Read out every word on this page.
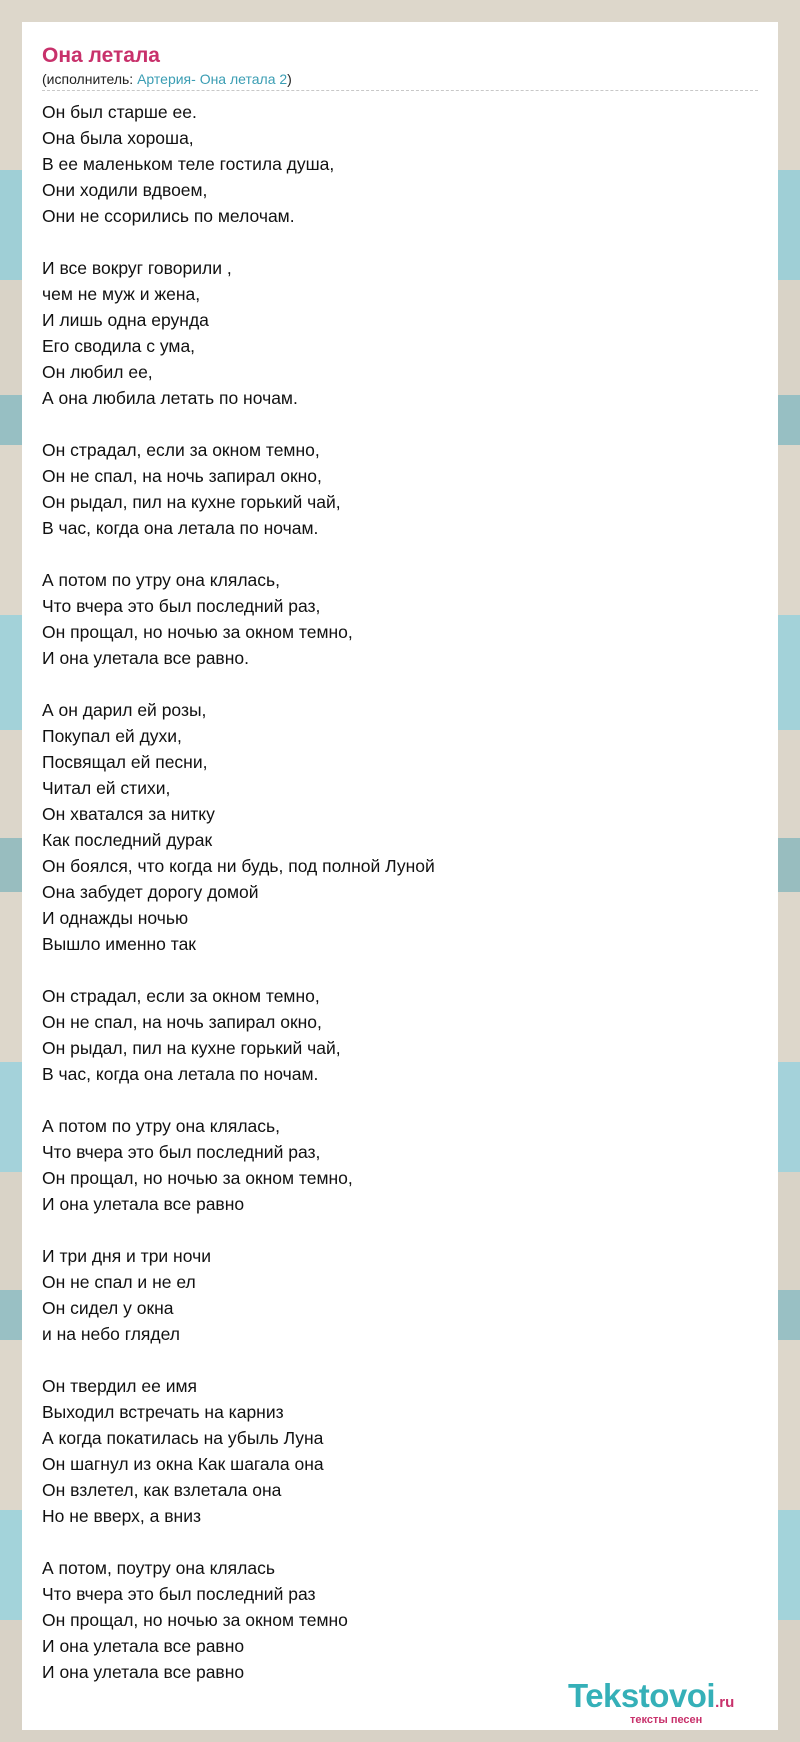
Она летала

(исполнитель: Артерия- Она летала 2)

Он был старше ее.
Она была хороша,
В ее маленьком теле гостила душа,
Они ходили вдвоем,
Они не ссорились по мелочам.
И все вокруг говорили ,
чем не муж и жена,
И лишь одна ерунда
Его сводила с ума,
Он любил ее,
А она любила летать по ночам.
Он страдал, если за окном темно,
Он не спал, на ночь запирал окно,
Он рыдал, пил на кухне горький чай,
В час, когда она летала по ночам.
А потом по утру она клялась,
Что вчера это был последний раз,
Он прощал, но ночью за окном темно,
И она улетала все равно.
А он дарил ей розы,
Покупал ей духи,
Посвящал ей песни,
Читал ей стихи,
Он хватался за нитку
Как последний дурак
Он боялся, что когда ни будь, под полной Луной
Она забудет дорогу домой
И однажды ночью
Вышло именно так
Он страдал, если за окном темно,
Он не спал, на ночь запирал окно,
Он рыдал, пил на кухне горький чай,
В час, когда она летала по ночам.
А потом по утру она клялась,
Что вчера это был последний раз,
Он прощал, но ночью за окном темно,
И она улетала все равно
И три дня и три ночи
Он не спал и не ел
Он сидел у окна
и на небо глядел
Он твердил ее имя
Выходил встречать на карниз
А когда покатилась на убыль Луна
Он шагнул из окна Как шагала она
Он взлетел, как взлетала она
Но не вверх, а вниз
А потом, поутру она клялась
Что вчера это был последний раз
Он прощал, но ночью за окном темно
И она улетала все равно
И она улетала все равно
Tekstovoi.ru
тексты песен
